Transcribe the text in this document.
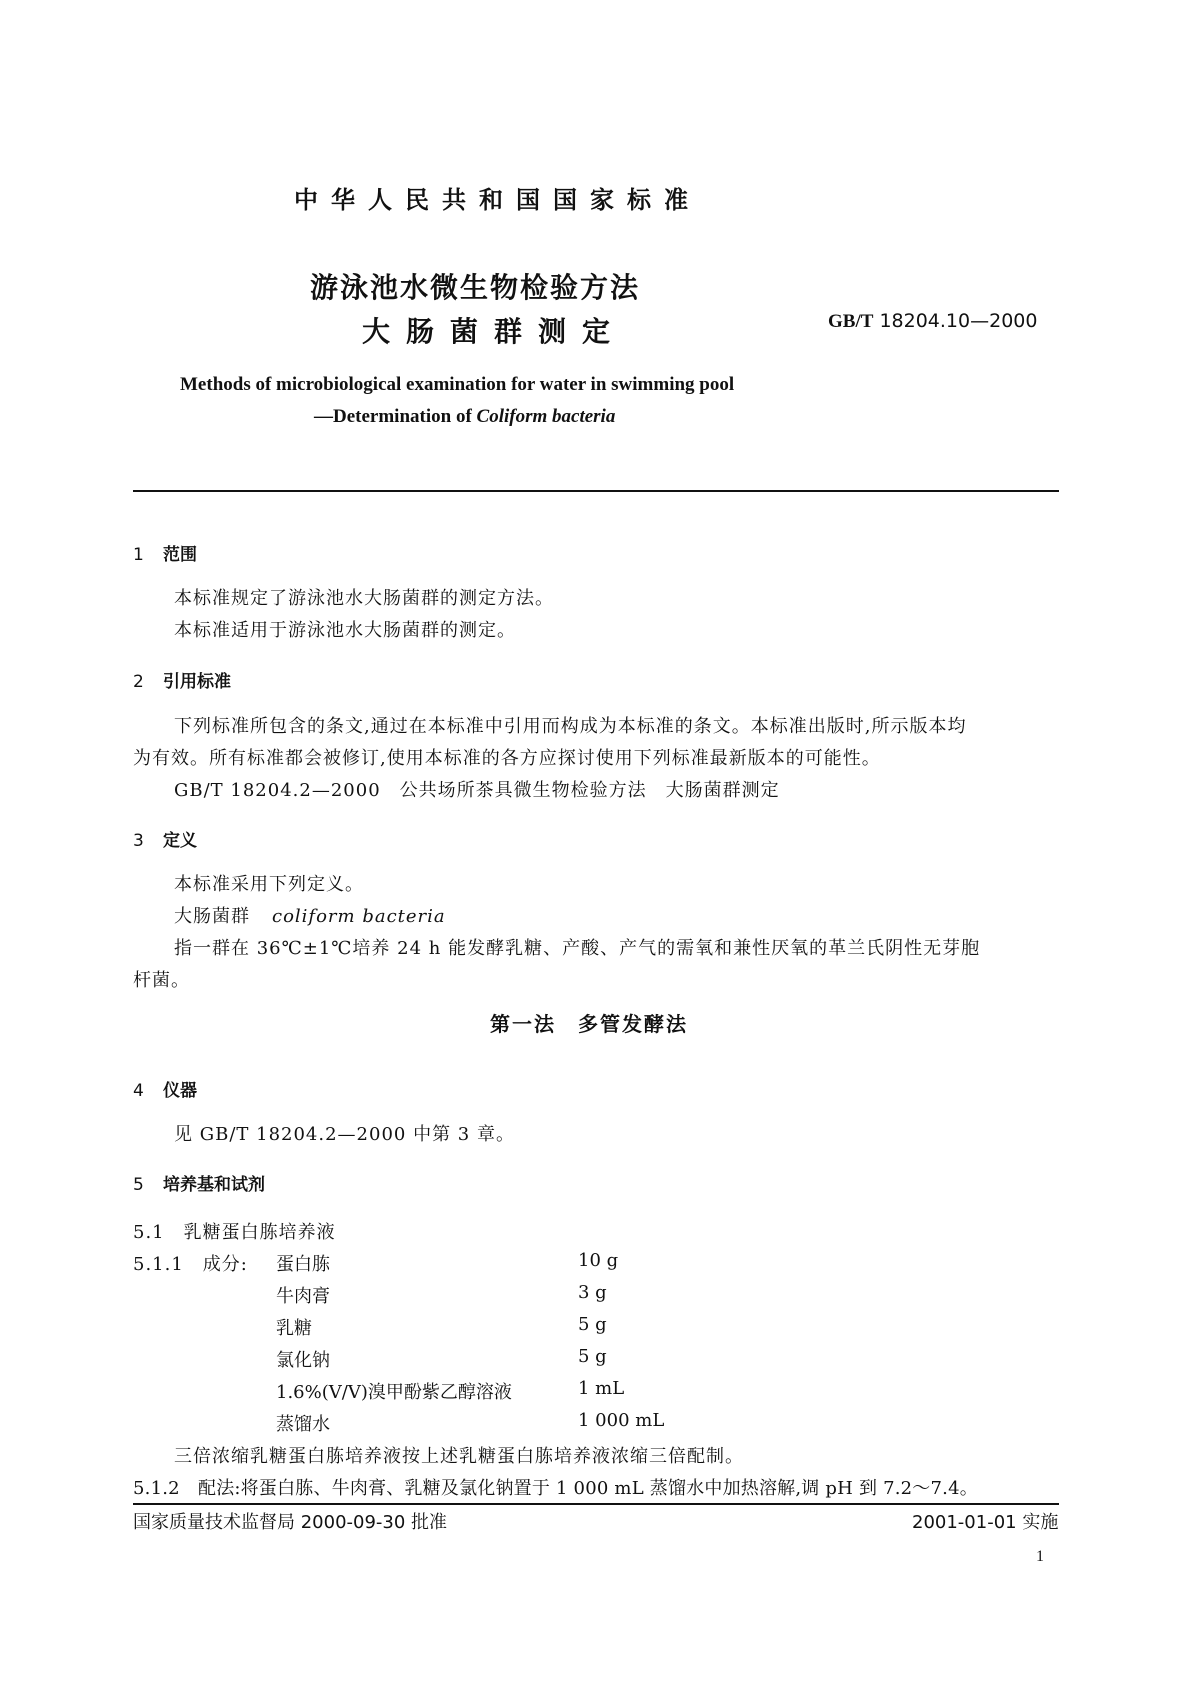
中华人民共和国国家标准
游泳池水微生物检验方法
大肠菌群测定	GB/T 18204.10—2000
Methods of microbiological examination for water in swimming pool
—Determination of Coliform bacteria
1 范围
本标准规定了游泳池水大肠菌群的测定方法。
本标准适用于游泳池水大肠菌群的测定。
2 引用标准
下列标准所包含的条文,通过在本标准中引用而构成为本标准的条文。本标准出版时,所示版本均
为有效。所有标准都会被修订,使用本标准的各方应探讨使用下列标准最新版本的可能性。
GB/T 18204.2—2000　公共场所茶具微生物检验方法　大肠菌群测定
3 定义
本标准采用下列定义。
大肠菌群 coliform bacteria
指一群在 36℃±1℃培养 24 h 能发酵乳糖、产酸、产气的需氧和兼性厌氧的革兰氏阴性无芽胞
杆菌。
第一法　多管发酵法
4 仪器
见 GB/T 18204.2—2000 中第 3 章。
5 培养基和试剂
5.1　乳糖蛋白胨培养液
5.1.1　成分: 蛋白胨	10 g
牛肉膏	3 g
乳糖	5 g
氯化钠	5 g
1.6%(V/V)溴甲酚紫乙醇溶液	1 mL
蒸馏水	1 000 mL
三倍浓缩乳糖蛋白胨培养液按上述乳糖蛋白胨培养液浓缩三倍配制。
5.1.2　配法:将蛋白胨、牛肉膏、乳糖及氯化钠置于 1 000 mL 蒸馏水中加热溶解,调 pH 到 7.2～7.4。
国家质量技术监督局 2000-09-30 批准	2001-01-01 实施
1
